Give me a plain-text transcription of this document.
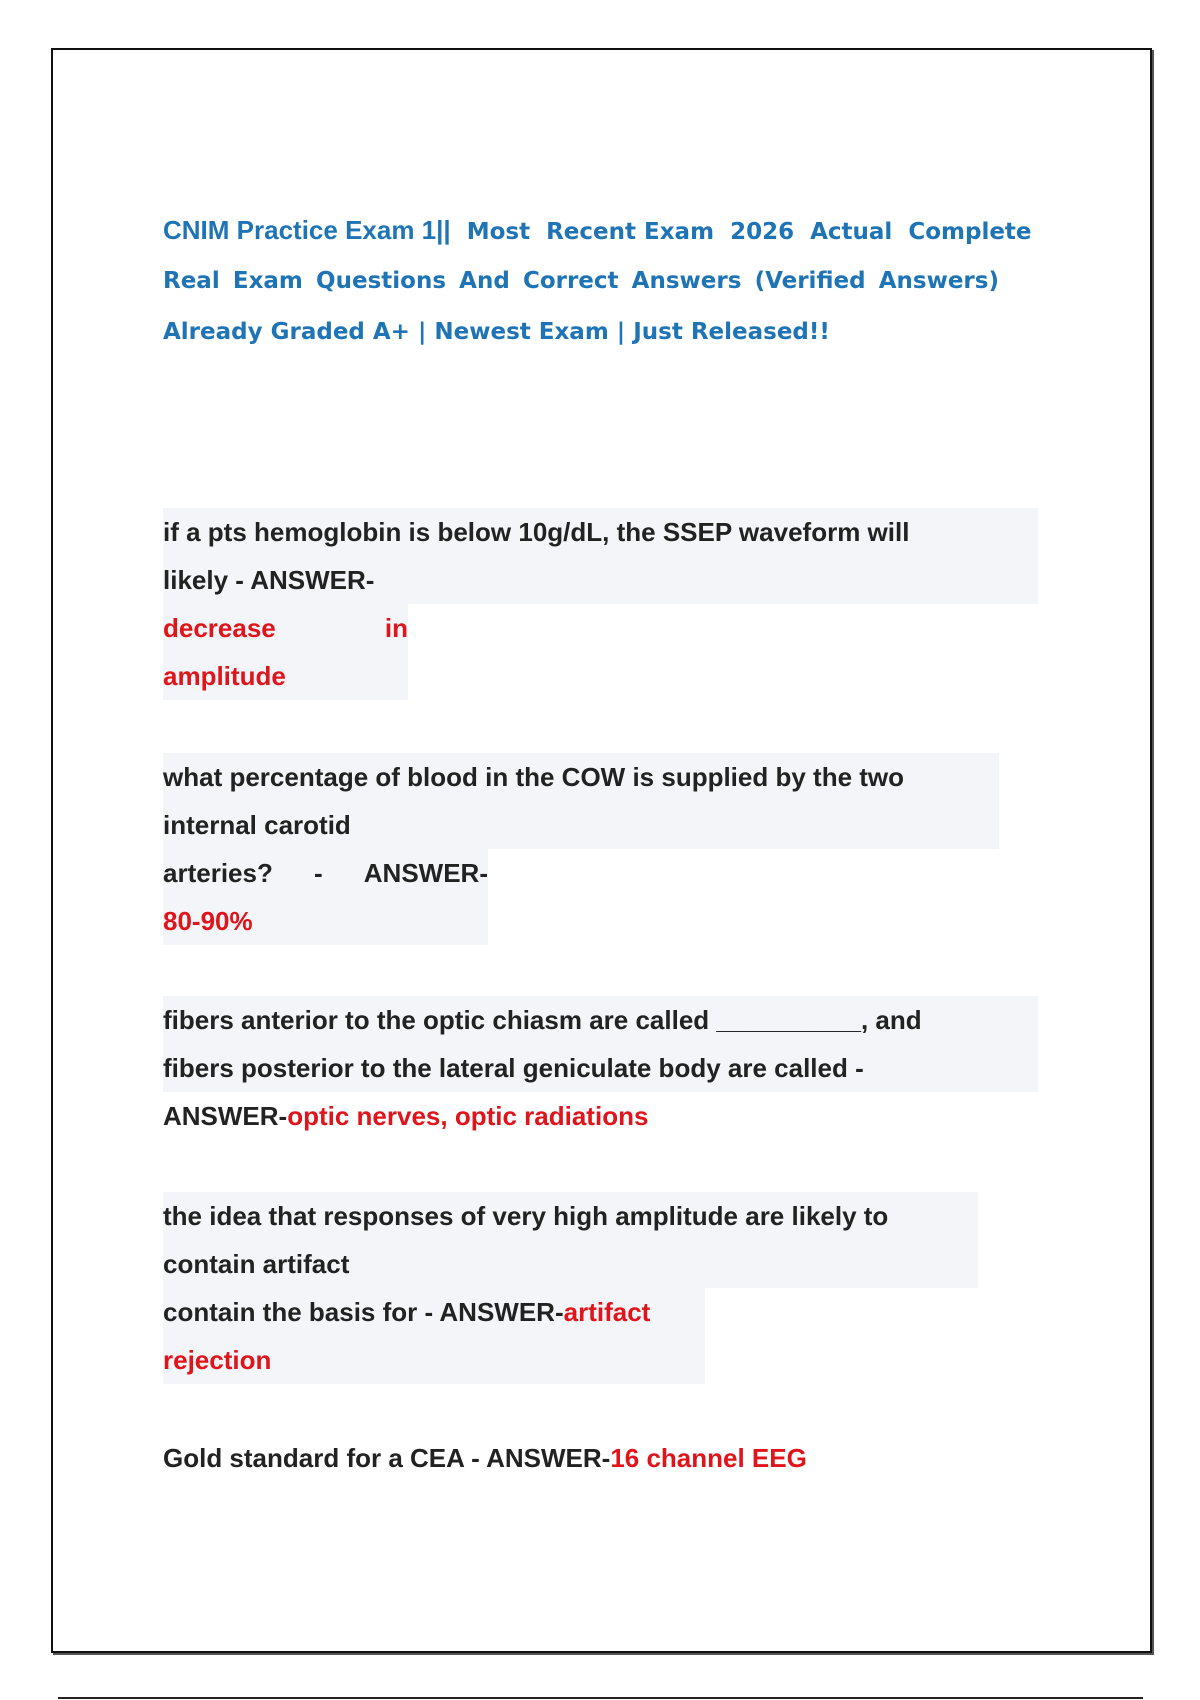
CNIM Practice Exam 1|| Most Recent Exam 2026 Actual Complete
Real Exam Questions And Correct Answers (Verified Answers)
Already Graded A+ | Newest Exam | Just Released!!
if a pts hemoglobin is below 10g/dL, the SSEP waveform will
likely - ANSWER-
decrease	in
amplitude
what percentage of blood in the COW is supplied by the two
internal carotid
arteries? - ANSWER-
80-90%
fibers anterior to the optic chiasm are called __________, and
fibers posterior to the lateral geniculate body are called -
ANSWER-optic nerves, optic radiations
the idea that responses of very high amplitude are likely to
contain artifact
contain the basis for - ANSWER-artifact
rejection
Gold standard for a CEA - ANSWER-16 channel EEG
